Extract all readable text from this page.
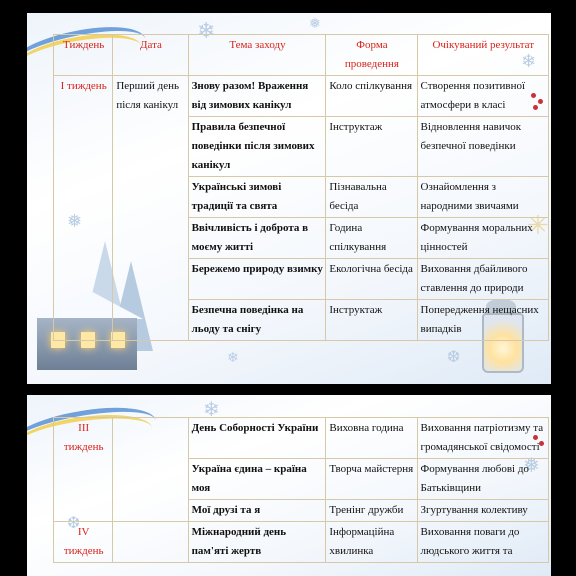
❄	❅
❄
✳
❆
❅
❄
Тиждень	Дата	Тема заходу	Форма проведення	Очікуваний результат
I тиждень	Перший день після канікул	Знову разом! Враження від зимових канікул	Коло спілкування	Створення позитивної атмосфери в класі
		Правила безпечної поведінки після зимових канікул	Інструктаж	Відновлення навичок безпечної поведінки
		Українські зимові традиції та свята	Пізнавальна бесіда	Ознайомлення з народними звичаями
		Ввічливість і доброта в моєму житті	Година спілкування	Формування моральних цінностей
		Бережемо природу взимку	Екологічна бесіда	Виховання дбайливого ставлення до природи
		Безпечна поведінка на льоду та снігу	Інструктаж	Попередження нещасних випадків
❄
❅
❆
III тиждень		День Соборності України	Виховна година	Виховання патріотизму та громадянської свідомості
		Україна єдина – країна моя	Творча майстерня	Формування любові до Батьківщини
		Мої друзі та я	Тренінг дружби	Згуртування колективу
IV тиждень		Міжнародний день пам'яті жертв	Інформаційна хвилинка	Виховання поваги до людського життя та
